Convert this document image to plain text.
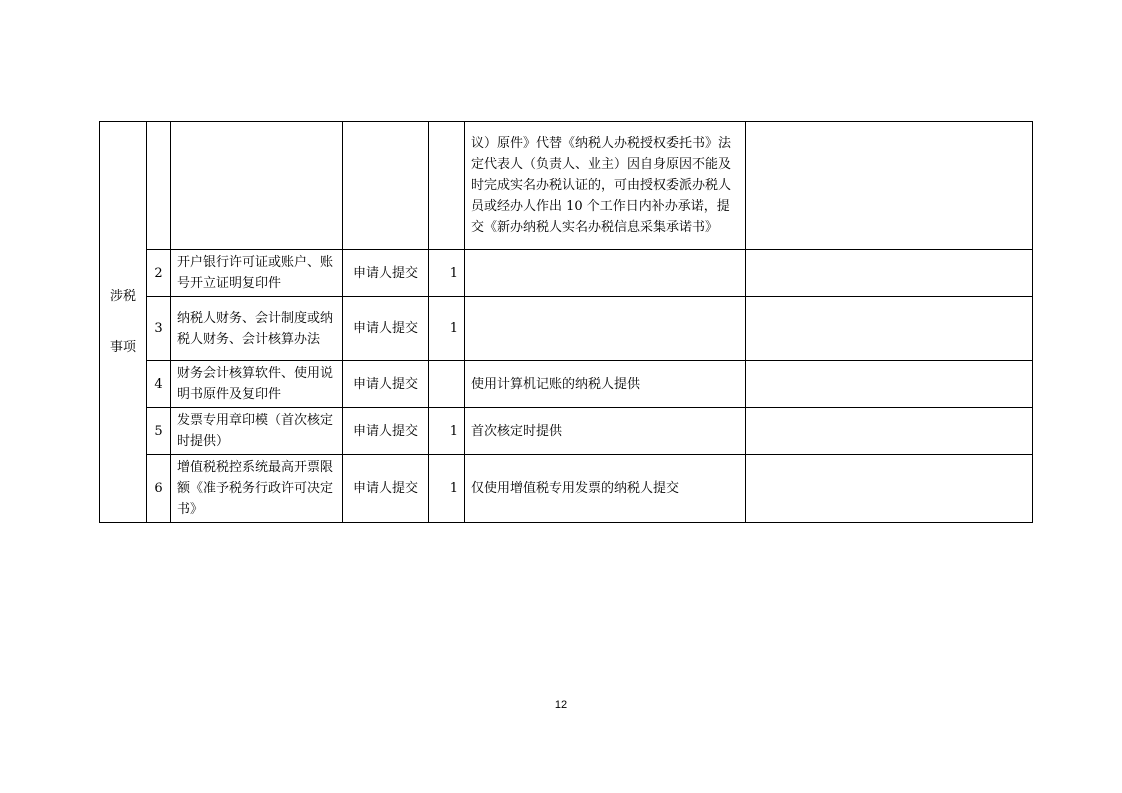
涉税
事项					议）原件》代替《纳税人办税授权委托书》法定代表人（负责人、业主）因自身原因不能及时完成实名办税认证的，可由授权委派办税人员或经办人作出 10 个工作日内补办承诺，提交《新办纳税人实名办税信息采集承诺书》	
	2	开户银行许可证或账户、账号开立证明复印件	申请人提交	1		
	3	纳税人财务、会计制度或纳税人财务、会计核算办法	申请人提交	1		
	4	财务会计核算软件、使用说明书原件及复印件	申请人提交		使用计算机记账的纳税人提供	
	5	发票专用章印模（首次核定时提供）	申请人提交	1	首次核定时提供	
	6	增值税税控系统最高开票限额《准予税务行政许可决定书》	申请人提交	1	仅使用增值税专用发票的纳税人提交	
12
